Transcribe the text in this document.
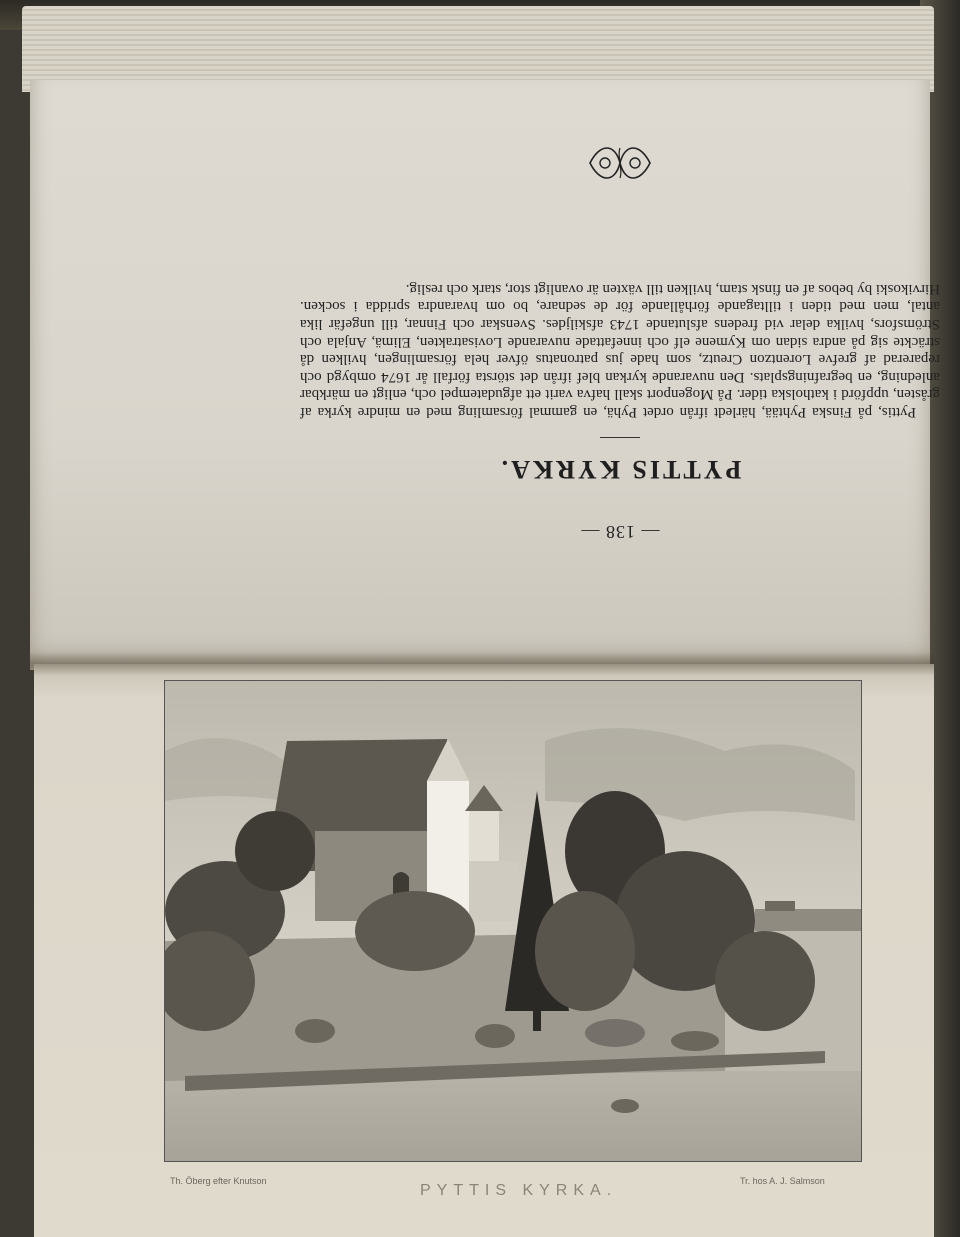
— 138 —
PYTTIS KYRKA.

Pyttis, på Finska Pyhtää, härledt ifrån ordet Pyhä, en gammal församling med en mindre kyrka af gråsten, uppförd i katholska tider. På Mogenport skall hafva varit ett afgudatempel och, enligt en märkbar anledning, en begrafningsplats. Den nuvarande kyrkan blef ifrån det största förfall år 1674 ombygd och reparerad af grefve Lorentzon Creutz, som hade jus patronatus öfver hela församlingen, hvilken då sträckte sig på andra sidan om Kymene elf och innefattade nuvarande Lovisatrakten, Elimä, Anjala och Strömsfors, hvilka delar vid fredens afslutande 1743 afskiljdes. Svenskar och Finnar, till ungefär lika antal, men med tiden i tilltagande förhållande för de sednare, bo om hvarandra spridda i socken. Hirvikoski by bebos af en finsk stam, hvilken till växten är ovanligt stor, stark och reslig.

Th. Öberg efter Knutson
PYTTIS KYRKA.
Tr. hos A. J. Salmson
